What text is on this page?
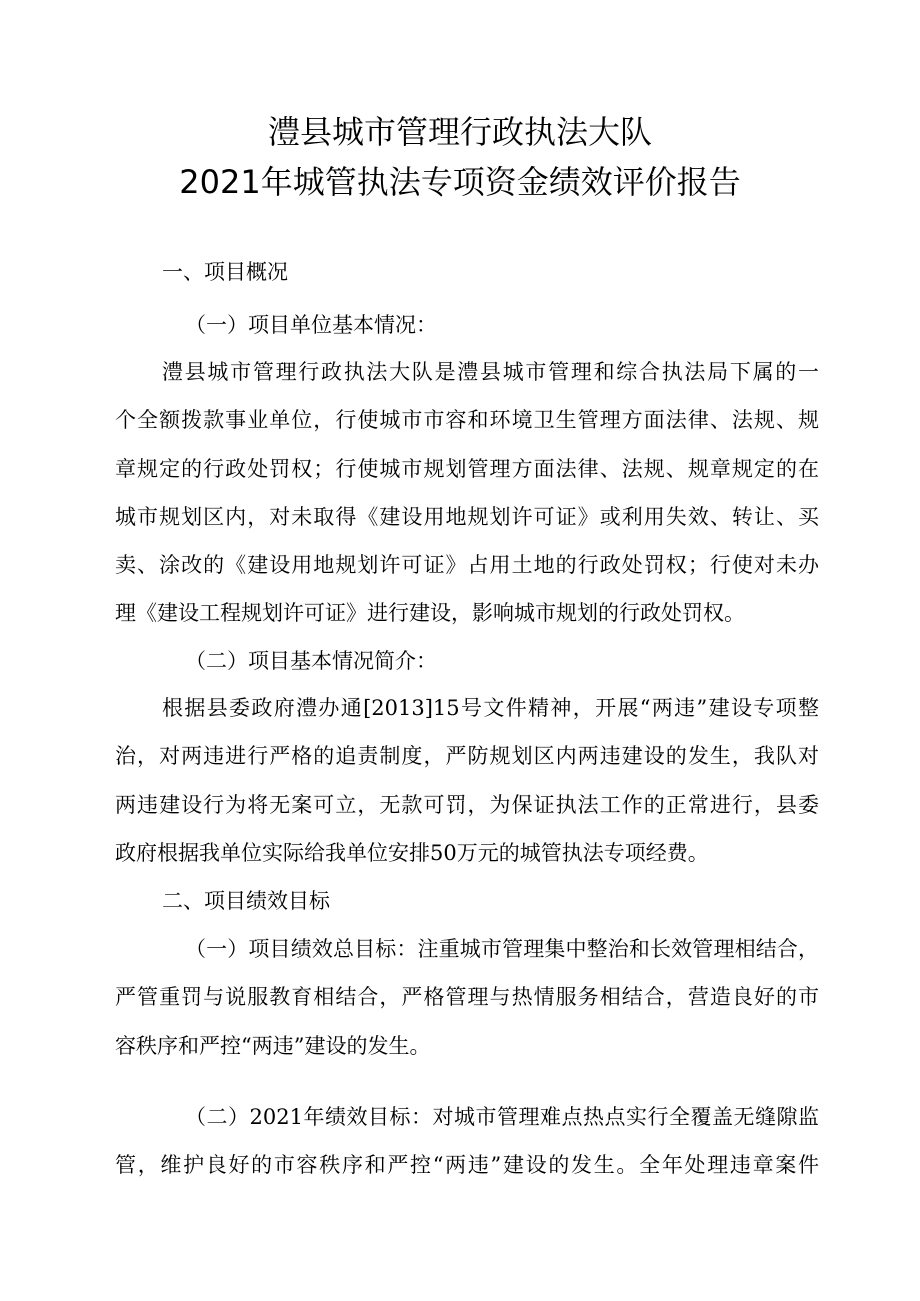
澧县城市管理行政执法大队
2021年城管执法专项资金绩效评价报告
一、项目概况
（一）项目单位基本情况：
澧县城市管理行政执法大队是澧县城市管理和综合执法局下属的一
个全额拨款事业单位，行使城市市容和环境卫生管理方面法律、法规、规
章规定的行政处罚权；行使城市规划管理方面法律、法规、规章规定的在
城市规划区内，对未取得《建设用地规划许可证》或利用失效、转让、买
卖、涂改的《建设用地规划许可证》占用土地的行政处罚权；行使对未办
理《建设工程规划许可证》进行建设，影响城市规划的行政处罚权。
（二）项目基本情况简介：
根据县委政府澧办通[2013]15号文件精神，开展“两违”建设专项整
治，对两违进行严格的追责制度，严防规划区内两违建设的发生，我队对
两违建设行为将无案可立，无款可罚，为保证执法工作的正常进行，县委
政府根据我单位实际给我单位安排50万元的城管执法专项经费。
二、项目绩效目标
（一）项目绩效总目标：注重城市管理集中整治和长效管理相结合，
严管重罚与说服教育相结合，严格管理与热情服务相结合，营造良好的市
容秩序和严控“两违”建设的发生。
（二）2021年绩效目标：对城市管理难点热点实行全覆盖无缝隙监
管，维护良好的市容秩序和严控“两违”建设的发生。全年处理违章案件
